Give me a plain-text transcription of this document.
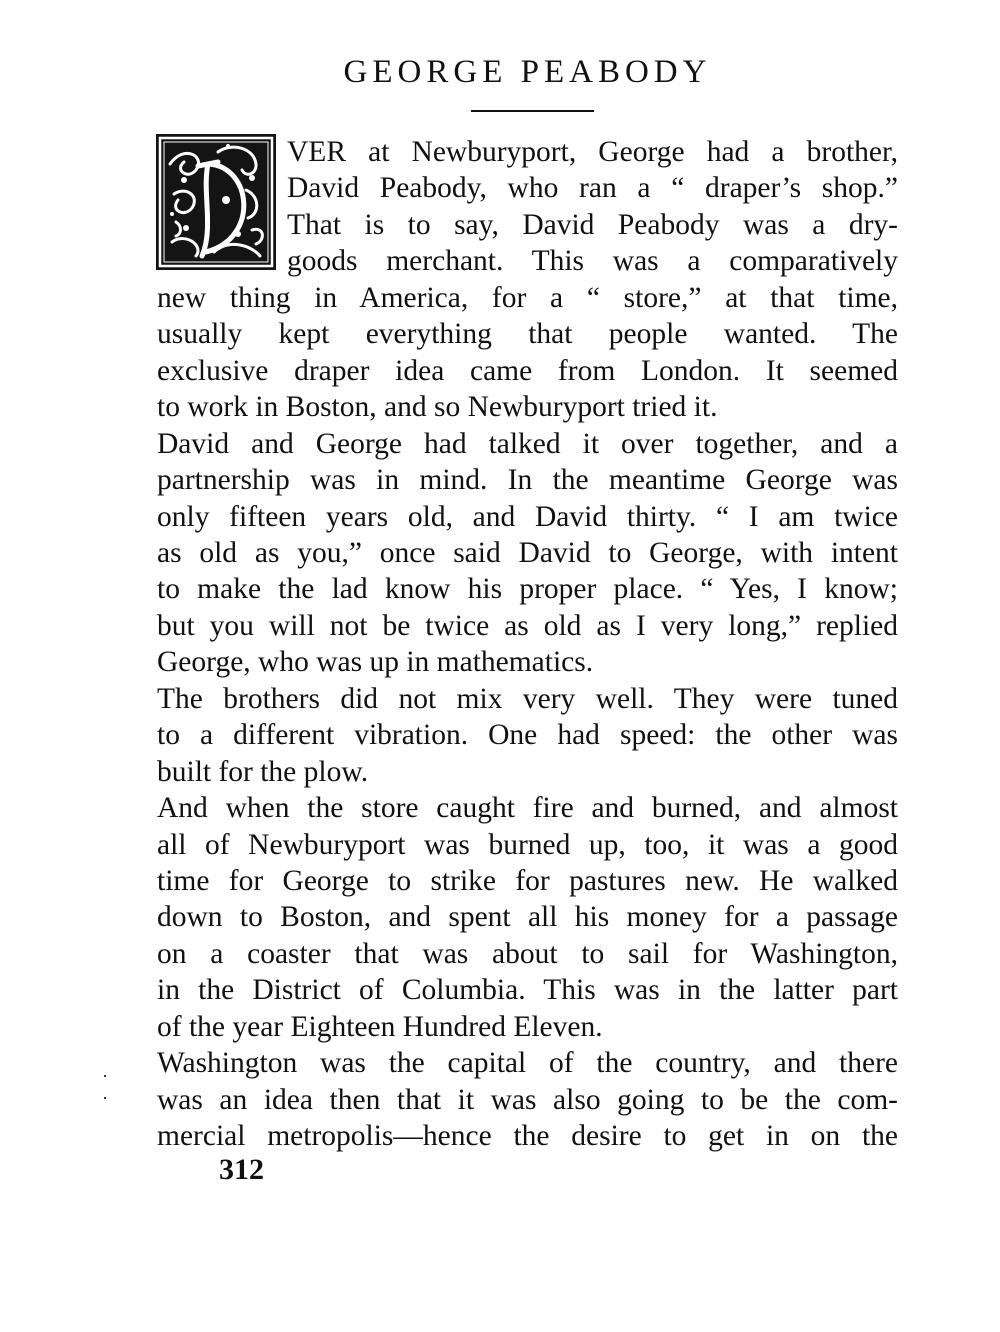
GEORGE PEABODY
VER at Newburyport, George had a brother,
David Peabody, who ran a “ draper’s shop.”
That is to say, David Peabody was a dry-
goods merchant. This was a comparatively
new thing in America, for a “ store,” at that time,
usually kept everything that people wanted. The
exclusive draper idea came from London. It seemed
to work in Boston, and so Newburyport tried it.
David and George had talked it over together, and a
partnership was in mind. In the meantime George was
only fifteen years old, and David thirty. “ I am twice
as old as you,” once said David to George, with intent
to make the lad know his proper place. “ Yes, I know;
but you will not be twice as old as I very long,” replied
George, who was up in mathematics.
The brothers did not mix very well. They were tuned
to a different vibration. One had speed: the other was
built for the plow.
And when the store caught fire and burned, and almost
all of Newburyport was burned up, too, it was a good
time for George to strike for pastures new. He walked
down to Boston, and spent all his money for a passage
on a coaster that was about to sail for Washington,
in the District of Columbia. This was in the latter part
of the year Eighteen Hundred Eleven.
Washington was the capital of the country, and there
was an idea then that it was also going to be the com-
mercial metropolis—hence the desire to get in on the
312
